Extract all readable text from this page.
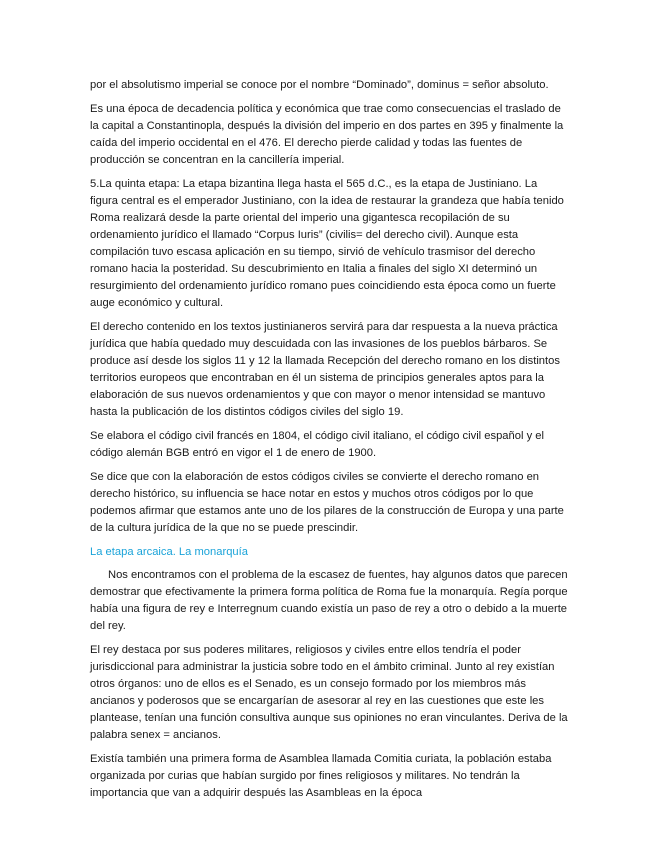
por el absolutismo imperial se conoce por el nombre “Dominado”, dominus = señor absoluto.

Es una época de decadencia política y económica que trae como consecuencias el traslado de la capital a Constantinopla, después la división del imperio en dos partes en 395 y finalmente la caída del imperio occidental en el 476. El derecho pierde calidad y todas las fuentes de producción se concentran en la cancillería imperial.

5.La quinta etapa: La etapa bizantina llega hasta el 565 d.C., es la etapa de Justiniano. La figura central es el emperador Justiniano, con la idea de restaurar la grandeza que había tenido Roma realizará desde la parte oriental del imperio una gigantesca recopilación de su ordenamiento jurídico el llamado “Corpus Iuris” (civilis= del derecho civil). Aunque esta compilación tuvo escasa aplicación en su tiempo, sirvió de vehículo trasmisor del derecho romano hacia la posteridad. Su descubrimiento en Italia a finales del siglo XI determinó un resurgimiento del ordenamiento jurídico romano pues coincidiendo esta época como un fuerte auge económico y cultural.

El derecho contenido en los textos justinianeros servirá para dar respuesta a la nueva práctica jurídica que había quedado muy descuidada con las invasiones de los pueblos bárbaros. Se produce así desde los siglos 11 y 12 la llamada Recepción del derecho romano en los distintos territorios europeos que encontraban en él un sistema de principios generales aptos para la elaboración de sus nuevos ordenamientos y que con mayor o menor intensidad se mantuvo hasta la publicación de los distintos códigos civiles del siglo 19.

Se elabora el código civil francés en 1804, el código civil italiano, el código civil español y el código alemán BGB entró en vigor el 1 de enero de 1900.

Se dice que con la elaboración de estos códigos civiles se convierte el derecho romano en derecho histórico, su influencia se hace notar en estos y muchos otros códigos por lo que podemos afirmar que estamos ante uno de los pilares de la construcción de Europa y una parte de la cultura jurídica de la que no se puede prescindir.

La etapa arcaica. La monarquía

Nos encontramos con el problema de la escasez de fuentes, hay algunos datos que parecen demostrar que efectivamente la primera forma política de Roma fue la monarquía. Regía porque había una figura de rey e Interregnum cuando existía un paso de rey a otro o debido a la muerte del rey.

El rey destaca por sus poderes militares, religiosos y civiles entre ellos tendría el poder jurisdiccional para administrar la justicia sobre todo en el ámbito criminal. Junto al rey existían otros órganos: uno de ellos es el Senado, es un consejo formado por los miembros más ancianos y poderosos que se encargarían de asesorar al rey en las cuestiones que este les plantease, tenían una función consultiva aunque sus opiniones no eran vinculantes. Deriva de la palabra senex = ancianos.

Existía también una primera forma de Asamblea llamada Comitia curiata, la población estaba organizada por curias que habían surgido por fines religiosos y militares. No tendrán la importancia que van a adquirir después las Asambleas en la época
